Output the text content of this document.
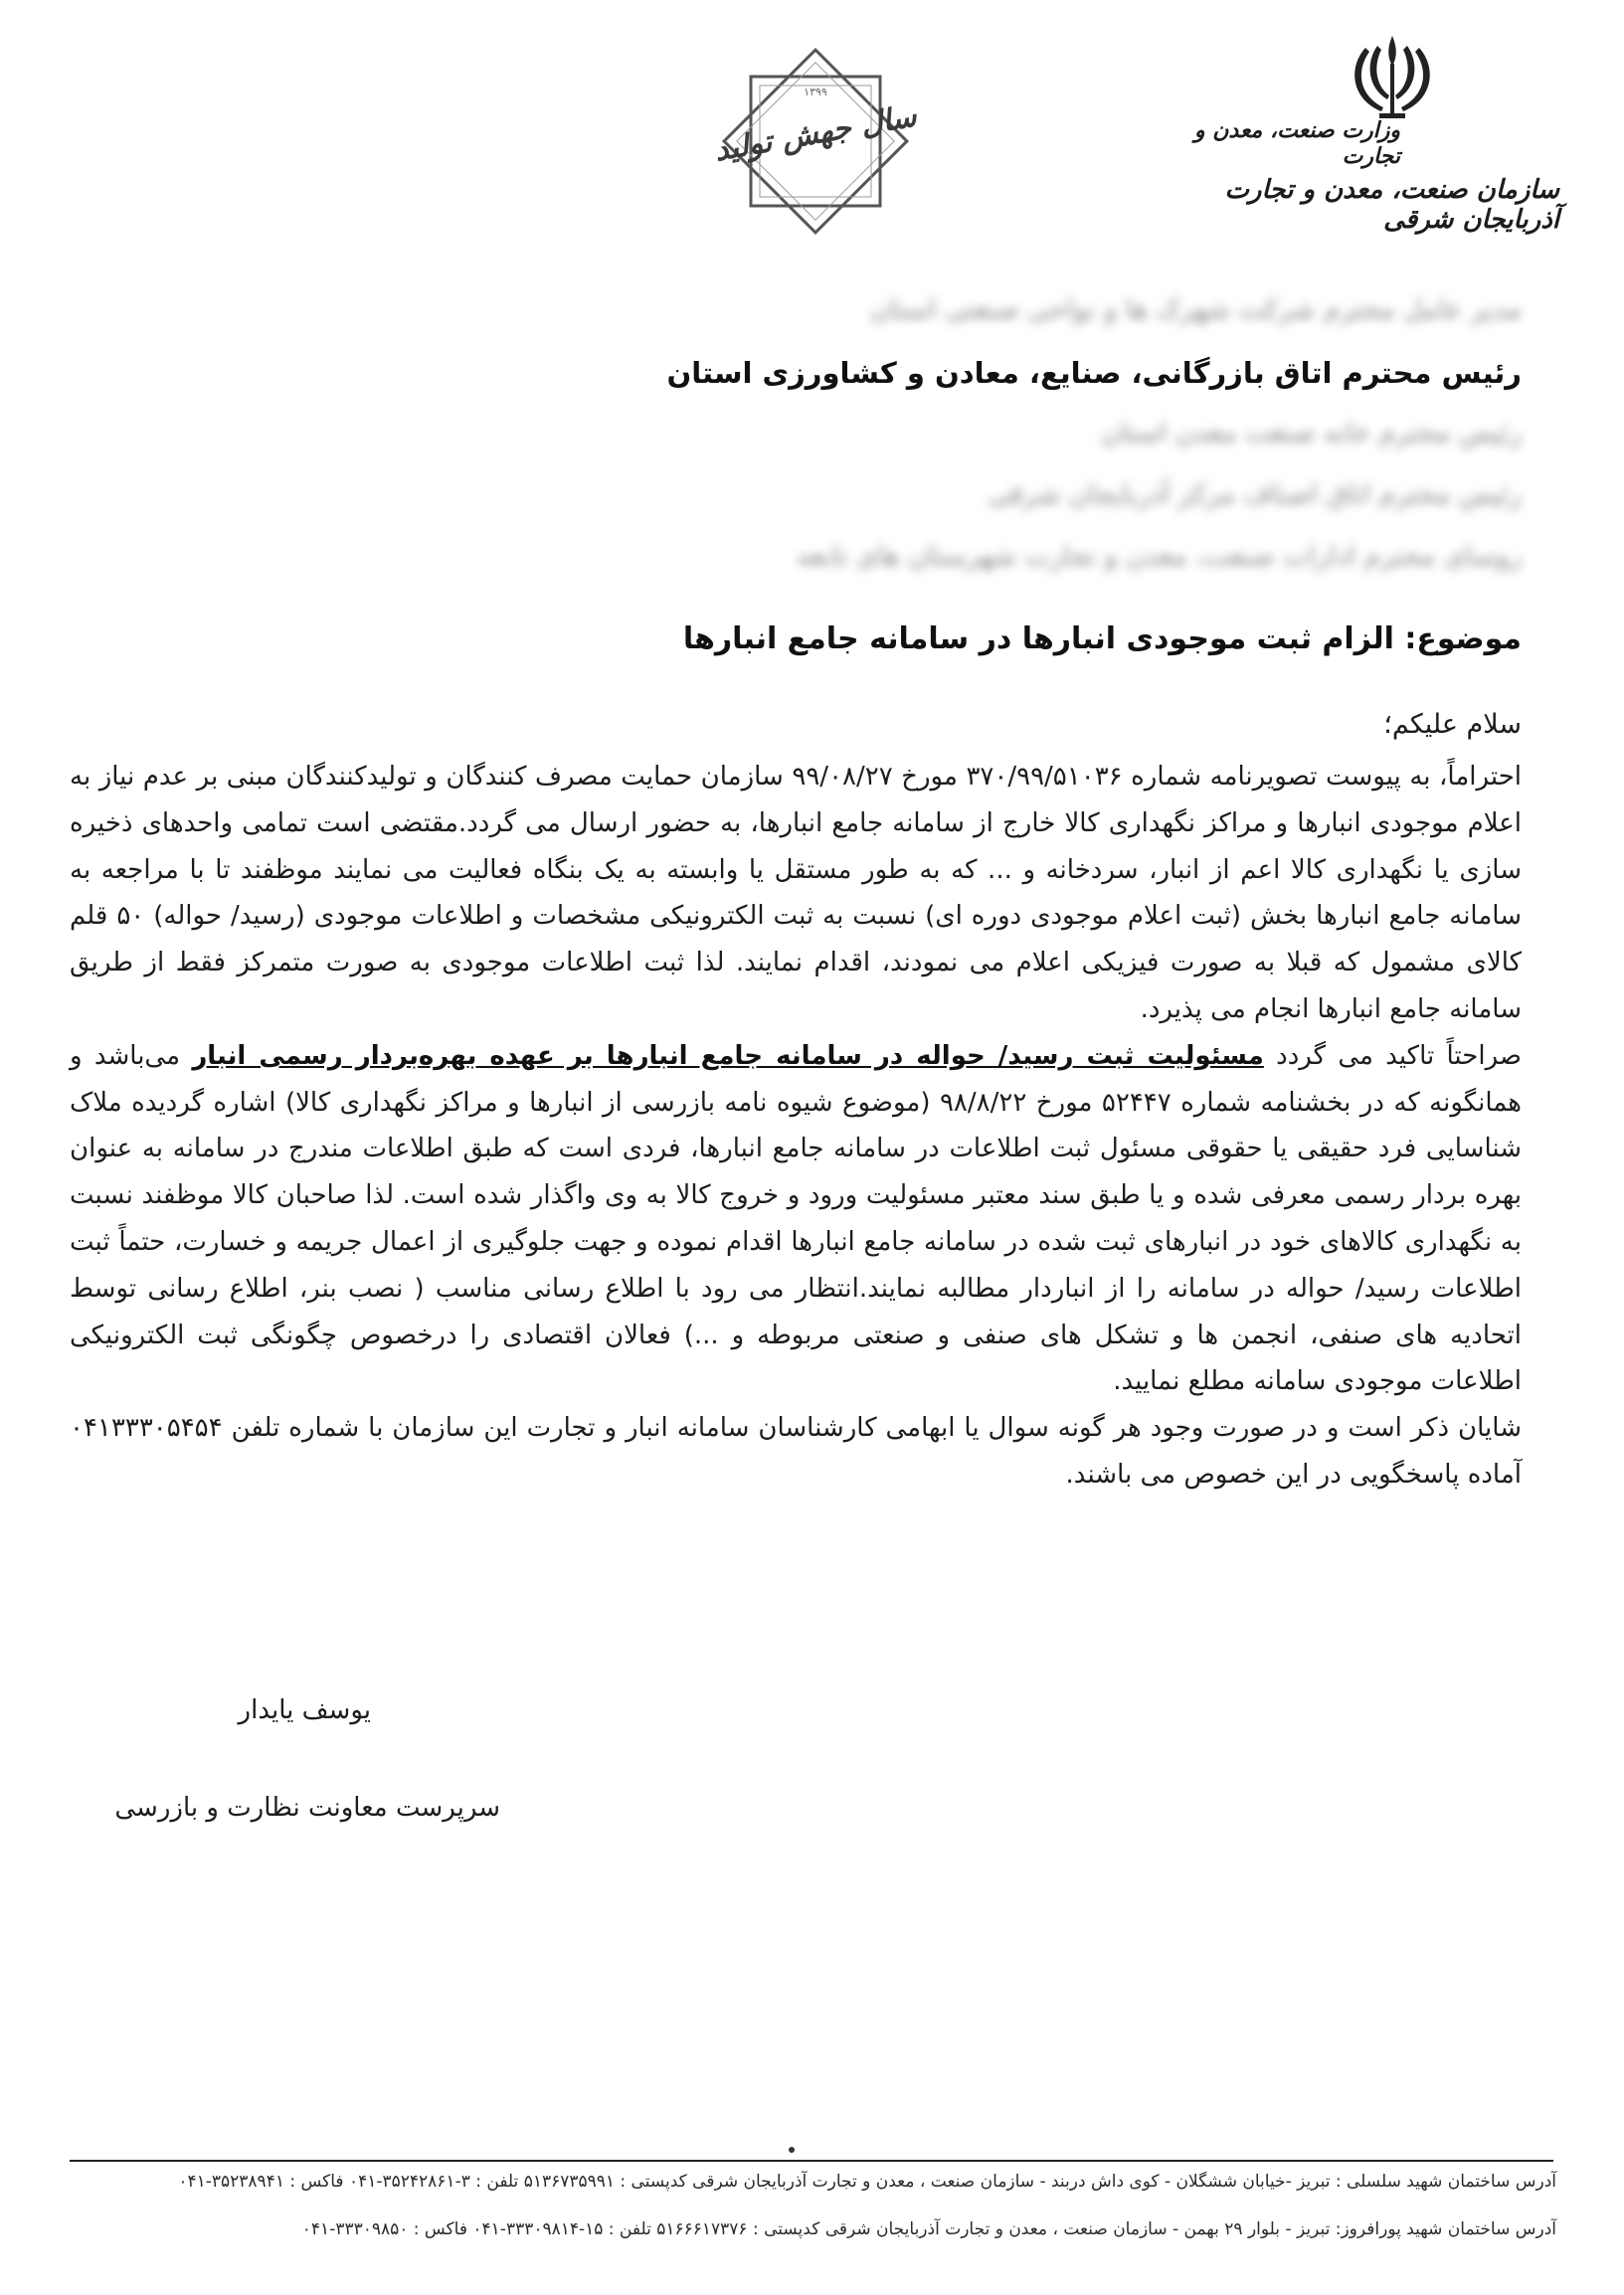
وزارت صنعت، معدن و تجارت
سازمان صنعت، معدن و تجارت آذربایجان شرقی
۱۳۹۹
سال جهش تولید
مدیر عامل محترم شرکت شهرک ها و نواحی صنعتی استان
رئیس محترم اتاق بازرگانی، صنایع، معادن و کشاورزی استان
رئیس محترم خانه صنعت معدن استان
رئیس محترم اتاق اصناف مرکز آذربایجان شرقی
روسای محترم ادارات صنعت، معدن و تجارت شهرستان های تابعه
موضوع: الزام ثبت موجودی انبارها در سامانه جامع انبارها
سلام علیکم؛

احتراماً، به پیوست تصویرنامه شماره ۳۷۰/۹۹/۵۱۰۳۶ مورخ ۹۹/۰۸/۲۷ سازمان حمایت مصرف کنندگان و تولیدکنندگان مبنی بر عدم نیاز به اعلام موجودی انبارها و مراکز نگهداری کالا خارج از سامانه جامع انبارها، به حضور ارسال می گردد.مقتضی است تمامی واحدهای ذخیره سازی یا نگهداری کالا اعم از انبار، سردخانه و ... که به طور مستقل یا وابسته به یک بنگاه فعالیت می نمایند موظفند تا با مراجعه به سامانه جامع انبارها بخش (ثبت اعلام موجودی دوره ای) نسبت به ثبت الکترونیکی مشخصات و اطلاعات موجودی (رسید/ حواله) ۵۰ قلم کالای مشمول که قبلا به صورت فیزیکی اعلام می نمودند، اقدام نمایند. لذا ثبت اطلاعات موجودی به صورت متمرکز فقط از طریق سامانه جامع انبارها انجام می پذیرد.

صراحتاً تاکید می گردد مسئولیت ثبت رسید/ حواله در سامانه جامع انبارها بر عهده بهره‌بردار رسمی انبار می‌باشد و همانگونه که در بخشنامه شماره ۵۲۴۴۷ مورخ ۹۸/۸/۲۲ (موضوع شیوه نامه بازرسی از انبارها و مراکز نگهداری کالا) اشاره گردیده ملاک شناسایی فرد حقیقی یا حقوقی مسئول ثبت اطلاعات در سامانه جامع انبارها، فردی است که طبق اطلاعات مندرج در سامانه به عنوان بهره بردار رسمی معرفی شده و یا طبق سند معتبر مسئولیت ورود و خروج کالا به وی واگذار شده است. لذا صاحبان کالا موظفند نسبت به نگهداری کالاهای خود در انبارهای ثبت شده در سامانه جامع انبارها اقدام نموده و جهت جلوگیری از اعمال جریمه و خسارت، حتماً ثبت اطلاعات رسید/ حواله در سامانه را از انباردار مطالبه نمایند.انتظار می رود با اطلاع رسانی مناسب ( نصب بنر، اطلاع رسانی توسط اتحادیه های صنفی، انجمن ها و تشکل های صنفی و صنعتی مربوطه و ...) فعالان اقتصادی را درخصوص چگونگی ثبت الکترونیکی اطلاعات موجودی سامانه مطلع نمایید.

شایان ذکر است و در صورت وجود هر گونه سوال یا ابهامی کارشناسان سامانه انبار و تجارت این سازمان با شماره تلفن ۰۴۱۳۳۳۰۵۴۵۴ آماده پاسخگویی در این خصوص می باشند.

یوسف یایدار
سرپرست معاونت نظارت و بازرسی
آدرس ساختمان شهید سلسلی : تبریز -خیابان ششگلان - کوی داش دربند - سازمان صنعت ، معدن و تجارت آذربایجان شرقی کدپستی : ۵۱۳۶۷۳۵۹۹۱ تلفن : ۳-۳۵۲۴۲۸۶۱-۰۴۱ فاکس : ۳۵۲۳۸۹۴۱-۰۴۱
آدرس ساختمان شهید پورافروز: تبریز - بلوار ۲۹ بهمن - سازمان صنعت ، معدن و تجارت آذربایجان شرقی کدپستی : ۵۱۶۶۶۱۷۳۷۶ تلفن : ۱۵-۳۳۳۰۹۸۱۴-۰۴۱ فاکس : ۳۳۳۰۹۸۵۰-۰۴۱
